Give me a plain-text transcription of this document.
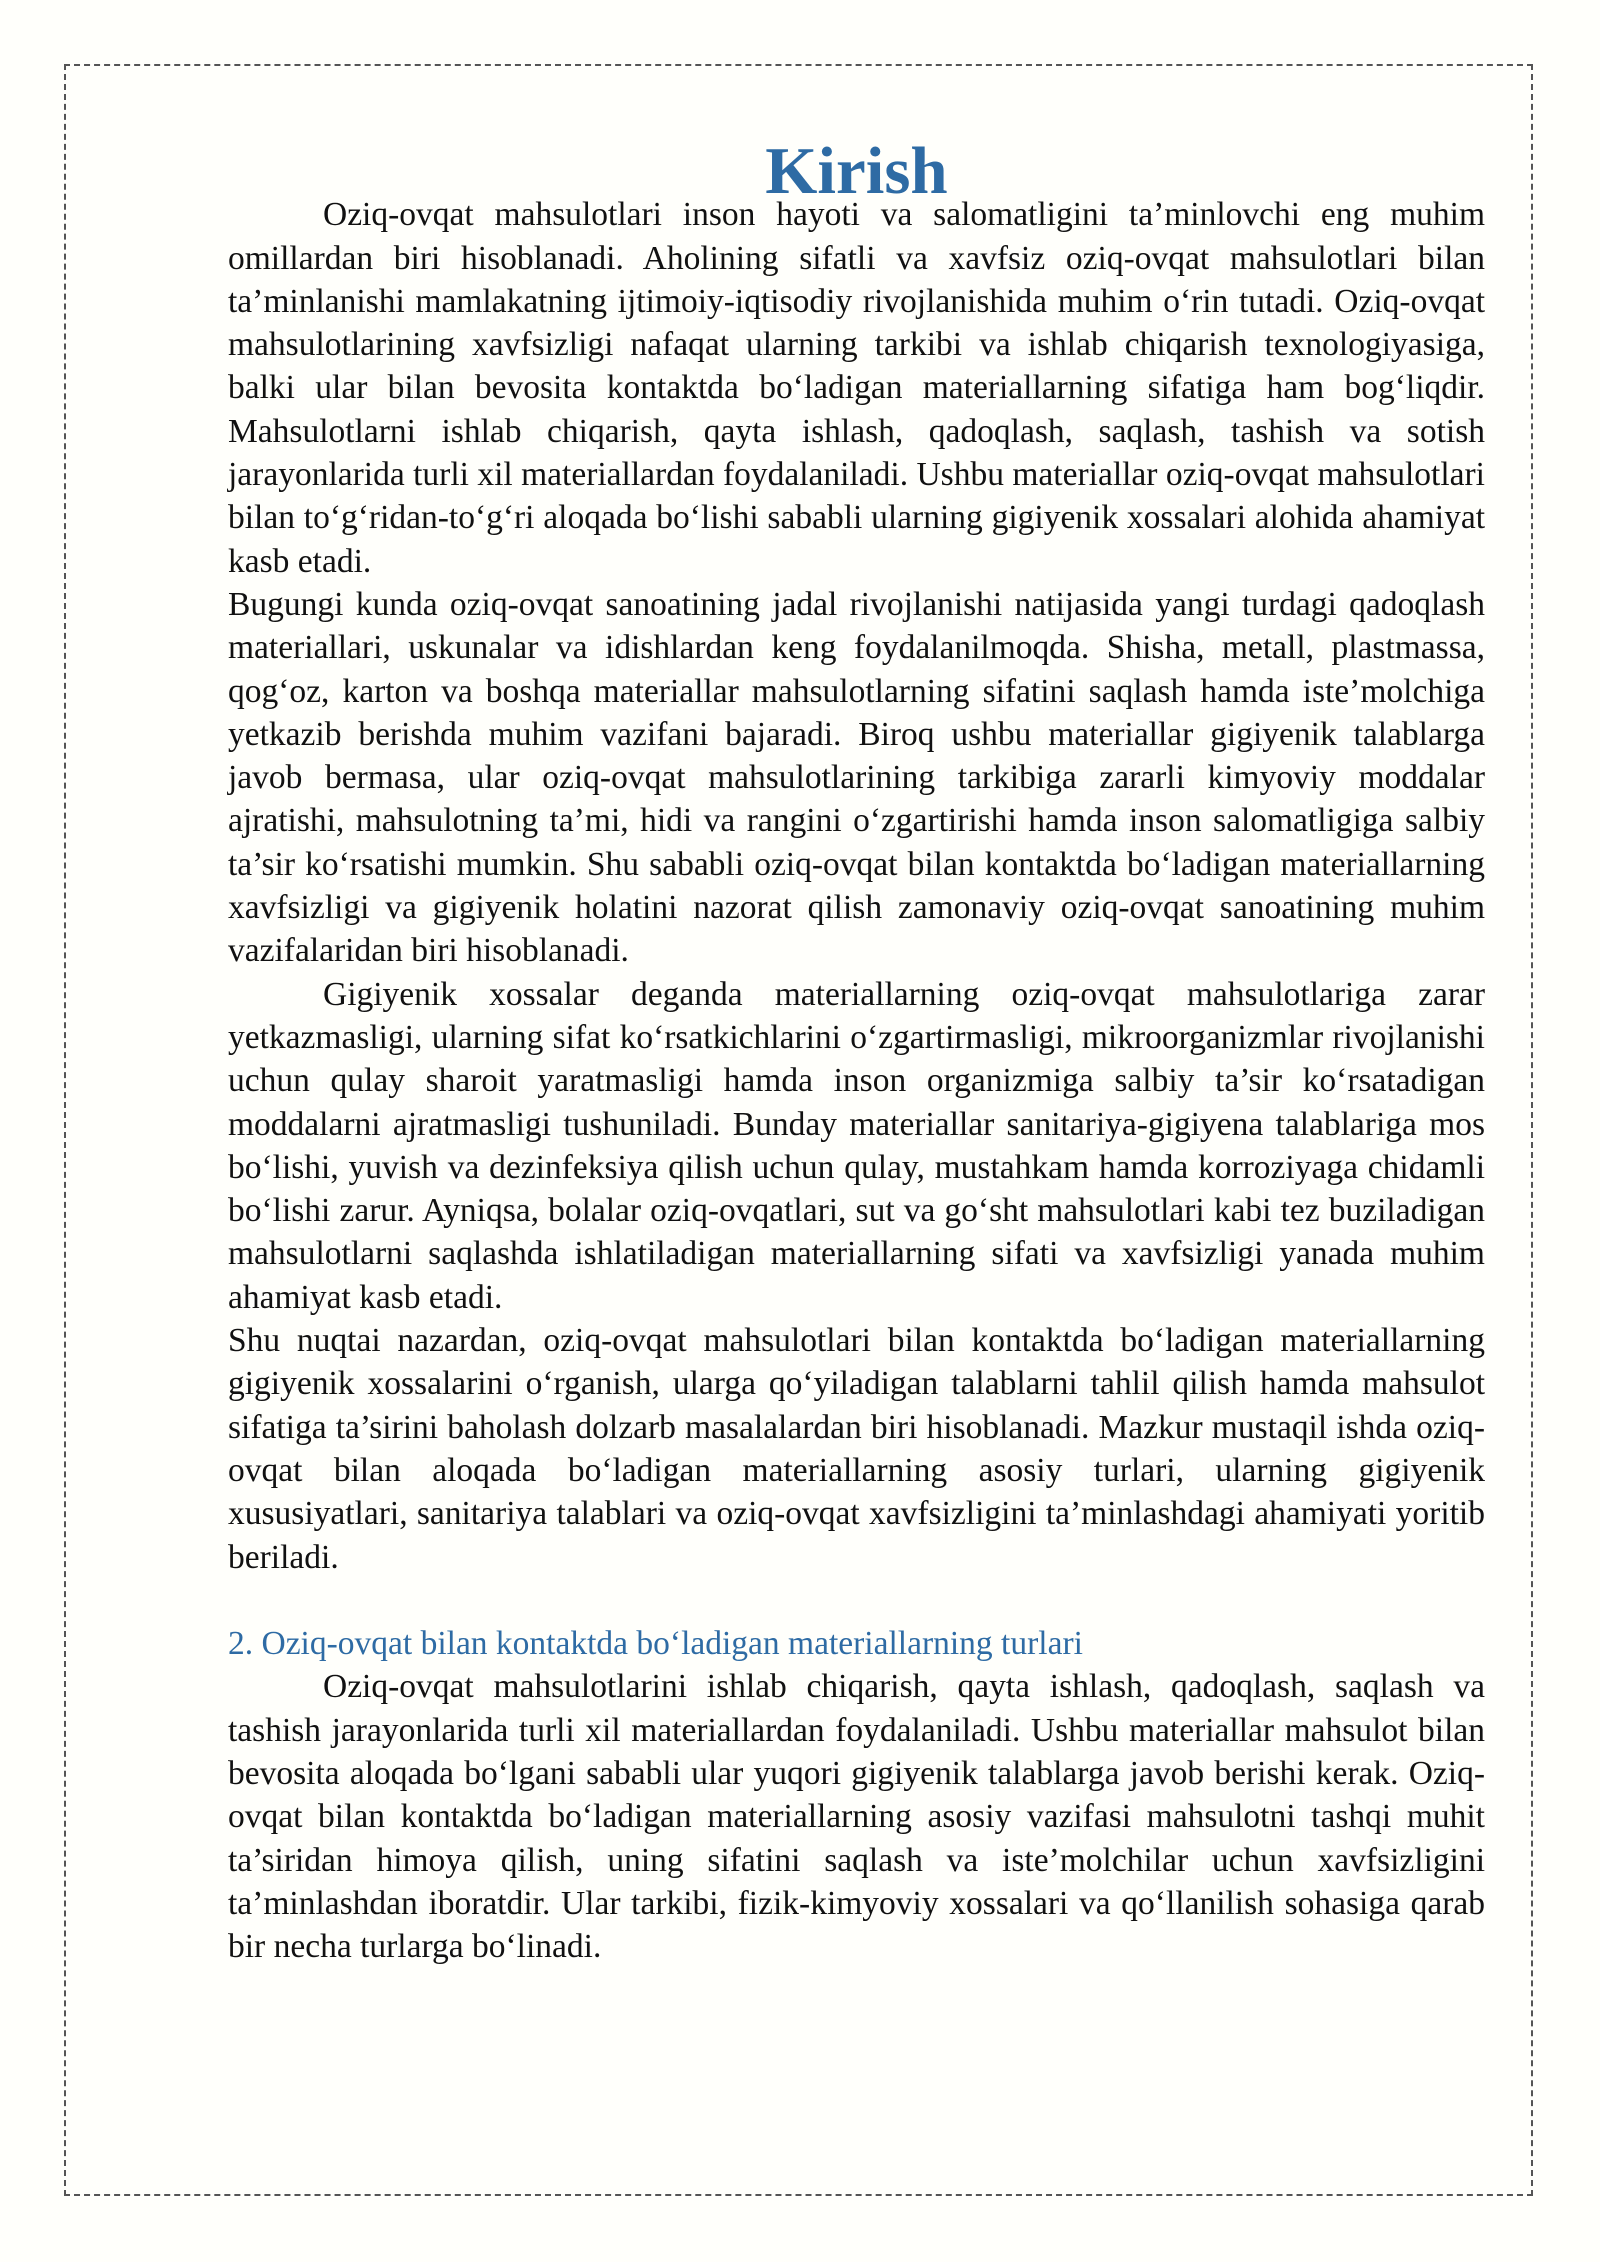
Kirish

Oziq-ovqat mahsulotlari inson hayoti va salomatligini ta’minlovchi eng muhim omillardan biri hisoblanadi. Aholining sifatli va xavfsiz oziq-ovqat mahsulotlari bilan ta’minlanishi mamlakatning ijtimoiy-iqtisodiy rivojlanishida muhim oʻrin tutadi. Oziq-ovqat mahsulotlarining xavfsizligi nafaqat ularning tarkibi va ishlab chiqarish texnologiyasiga, balki ular bilan bevosita kontaktda boʻladigan materiallarning sifatiga ham bogʻliqdir. Mahsulotlarni ishlab chiqarish, qayta ishlash, qadoqlash, saqlash, tashish va sotish jarayonlarida turli xil materiallardan foydalaniladi. Ushbu materiallar oziq-ovqat mahsulotlari bilan toʻgʻridan-toʻgʻri aloqada boʻlishi sababli ularning gigiyenik xossalari alohida ahamiyat kasb etadi.

Bugungi kunda oziq-ovqat sanoatining jadal rivojlanishi natijasida yangi turdagi qadoqlash materiallari, uskunalar va idishlardan keng foydalanilmoqda. Shisha, metall, plastmassa, qogʻoz, karton va boshqa materiallar mahsulotlarning sifatini saqlash hamda iste’molchiga yetkazib berishda muhim vazifani bajaradi. Biroq ushbu materiallar gigiyenik talablarga javob bermasa, ular oziq-ovqat mahsulotlarining tarkibiga zararli kimyoviy moddalar ajratishi, mahsulotning ta’mi, hidi va rangini oʻzgartirishi hamda inson salomatligiga salbiy ta’sir koʻrsatishi mumkin. Shu sababli oziq-ovqat bilan kontaktda boʻladigan materiallarning xavfsizligi va gigiyenik holatini nazorat qilish zamonaviy oziq-ovqat sanoatining muhim vazifalaridan biri hisoblanadi.

Gigiyenik xossalar deganda materiallarning oziq-ovqat mahsulotlariga zarar yetkazmasligi, ularning sifat koʻrsatkichlarini oʻzgartirmasligi, mikroorganizmlar rivojlanishi uchun qulay sharoit yaratmasligi hamda inson organizmiga salbiy ta’sir koʻrsatadigan moddalarni ajratmasligi tushuniladi. Bunday materiallar sanitariya-gigiyena talablariga mos boʻlishi, yuvish va dezinfeksiya qilish uchun qulay, mustahkam hamda korroziyaga chidamli boʻlishi zarur. Ayniqsa, bolalar oziq-ovqatlari, sut va goʻsht mahsulotlari kabi tez buziladigan mahsulotlarni saqlashda ishlatiladigan materiallarning sifati va xavfsizligi yanada muhim ahamiyat kasb etadi.

Shu nuqtai nazardan, oziq-ovqat mahsulotlari bilan kontaktda boʻladigan materiallarning gigiyenik xossalarini oʻrganish, ularga qoʻyiladigan talablarni tahlil qilish hamda mahsulot sifatiga ta’sirini baholash dolzarb masalalardan biri hisoblanadi. Mazkur mustaqil ishda oziq-ovqat bilan aloqada boʻladigan materiallarning asosiy turlari, ularning gigiyenik xususiyatlari, sanitariya talablari va oziq-ovqat xavfsizligini ta’minlashdagi ahamiyati yoritib beriladi.

2. Oziq-ovqat bilan kontaktda boʻladigan materiallarning turlari

Oziq-ovqat mahsulotlarini ishlab chiqarish, qayta ishlash, qadoqlash, saqlash va tashish jarayonlarida turli xil materiallardan foydalaniladi. Ushbu materiallar mahsulot bilan bevosita aloqada boʻlgani sababli ular yuqori gigiyenik talablarga javob berishi kerak. Oziq-ovqat bilan kontaktda boʻladigan materiallarning asosiy vazifasi mahsulotni tashqi muhit ta’siridan himoya qilish, uning sifatini saqlash va iste’molchilar uchun xavfsizligini ta’minlashdan iboratdir. Ular tarkibi, fizik-kimyoviy xossalari va qoʻllanilish sohasiga qarab bir necha turlarga boʻlinadi.
